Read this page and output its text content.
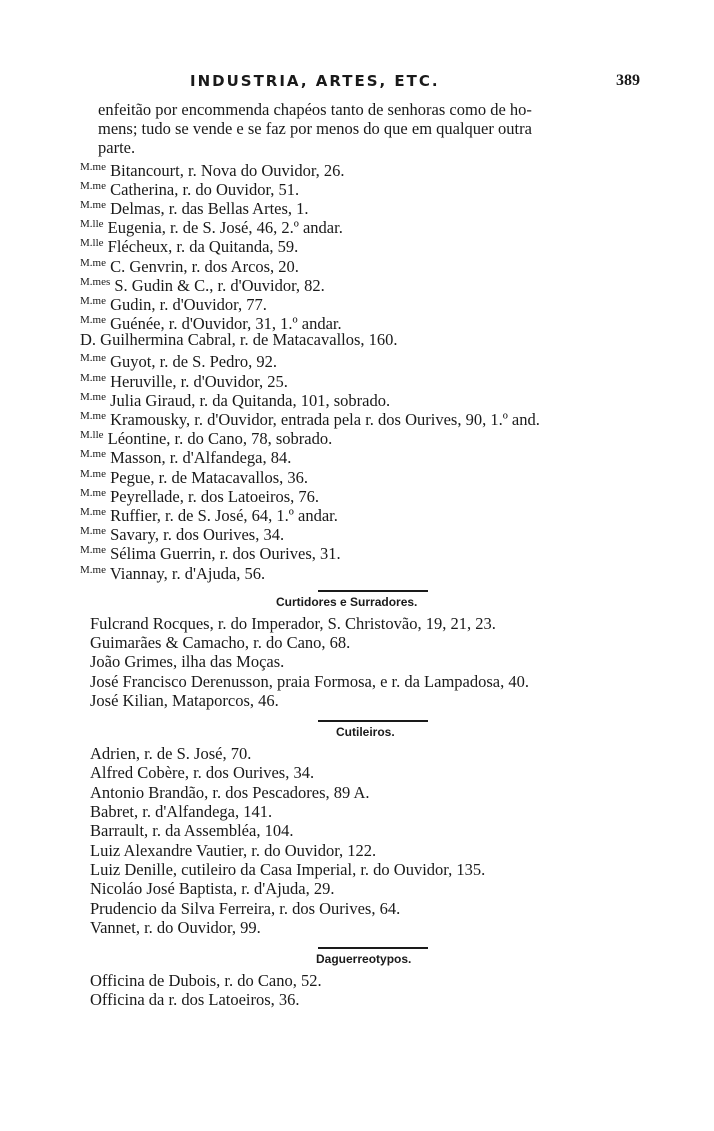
INDUSTRIA, ARTES, ETC.	389
enfeitão por encommenda chapéos tanto de senhoras como de ho-
mens; tudo se vende e se faz por menos do que em qualquer outra
parte.
$^{M.me}$ Bitancourt, r. Nova do Ouvidor, 26.
$^{M.me}$ Catherina, r. do Ouvidor, 51.
$^{M.me}$ Delmas, r. das Bellas Artes, 1.
$^{M.lle}$ Eugenia, r. de S. José, 46, 2.º andar.
$^{M.lle}$ Flécheux, r. da Quitanda, 59.
$^{M.me}$ C. Genvrin, r. dos Arcos, 20.
$^{M.mes}$ S. Gudin & C., r. d'Ouvidor, 82.
$^{M.me}$ Gudin, r. d'Ouvidor, 77.
$^{M.me}$ Guénée, r. d'Ouvidor, 31, 1.º andar.
D. Guilhermina Cabral, r. de Matacavallos, 160.
$^{M.me}$ Guyot, r. de S. Pedro, 92.
$^{M.me}$ Heruville, r. d'Ouvidor, 25.
$^{M.me}$ Julia Giraud, r. da Quitanda, 101, sobrado.
$^{M.me}$ Kramousky, r. d'Ouvidor, entrada pela r. dos Ourives, 90, 1.º and.
$^{M.lle}$ Léontine, r. do Cano, 78, sobrado.
$^{M.me}$ Masson, r. d'Alfandega, 84.
$^{M.me}$ Pegue, r. de Matacavallos, 36.
$^{M.me}$ Peyrellade, r. dos Latoeiros, 76.
$^{M.me}$ Ruffier, r. de S. José, 64, 1.º andar.
$^{M.me}$ Savary, r. dos Ourives, 34.
$^{M.me}$ Sélima Guerrin, r. dos Ourives, 31.
$^{M.me}$ Viannay, r. d'Ajuda, 56.
Curtidores e Surradores.
Fulcrand Rocques, r. do Imperador, S. Christovão, 19, 21, 23.
Guimarães & Camacho, r. do Cano, 68.
João Grimes, ilha das Moças.
José Francisco Derenusson, praia Formosa, e r. da Lampadosa, 40.
José Kilian, Mataporcos, 46.
Cutileiros.
Adrien, r. de S. José, 70.
Alfred Cobère, r. dos Ourives, 34.
Antonio Brandão, r. dos Pescadores, 89 A.
Babret, r. d'Alfandega, 141.
Barrault, r. da Assembléa, 104.
Luiz Alexandre Vautier, r. do Ouvidor, 122.
Luiz Denille, cutileiro da Casa Imperial, r. do Ouvidor, 135.
Nicoláo José Baptista, r. d'Ajuda, 29.
Prudencio da Silva Ferreira, r. dos Ourives, 64.
Vannet, r. do Ouvidor, 99.
Daguerreotypos.
Officina de Dubois, r. do Cano, 52.
Officina da r. dos Latoeiros, 36.
